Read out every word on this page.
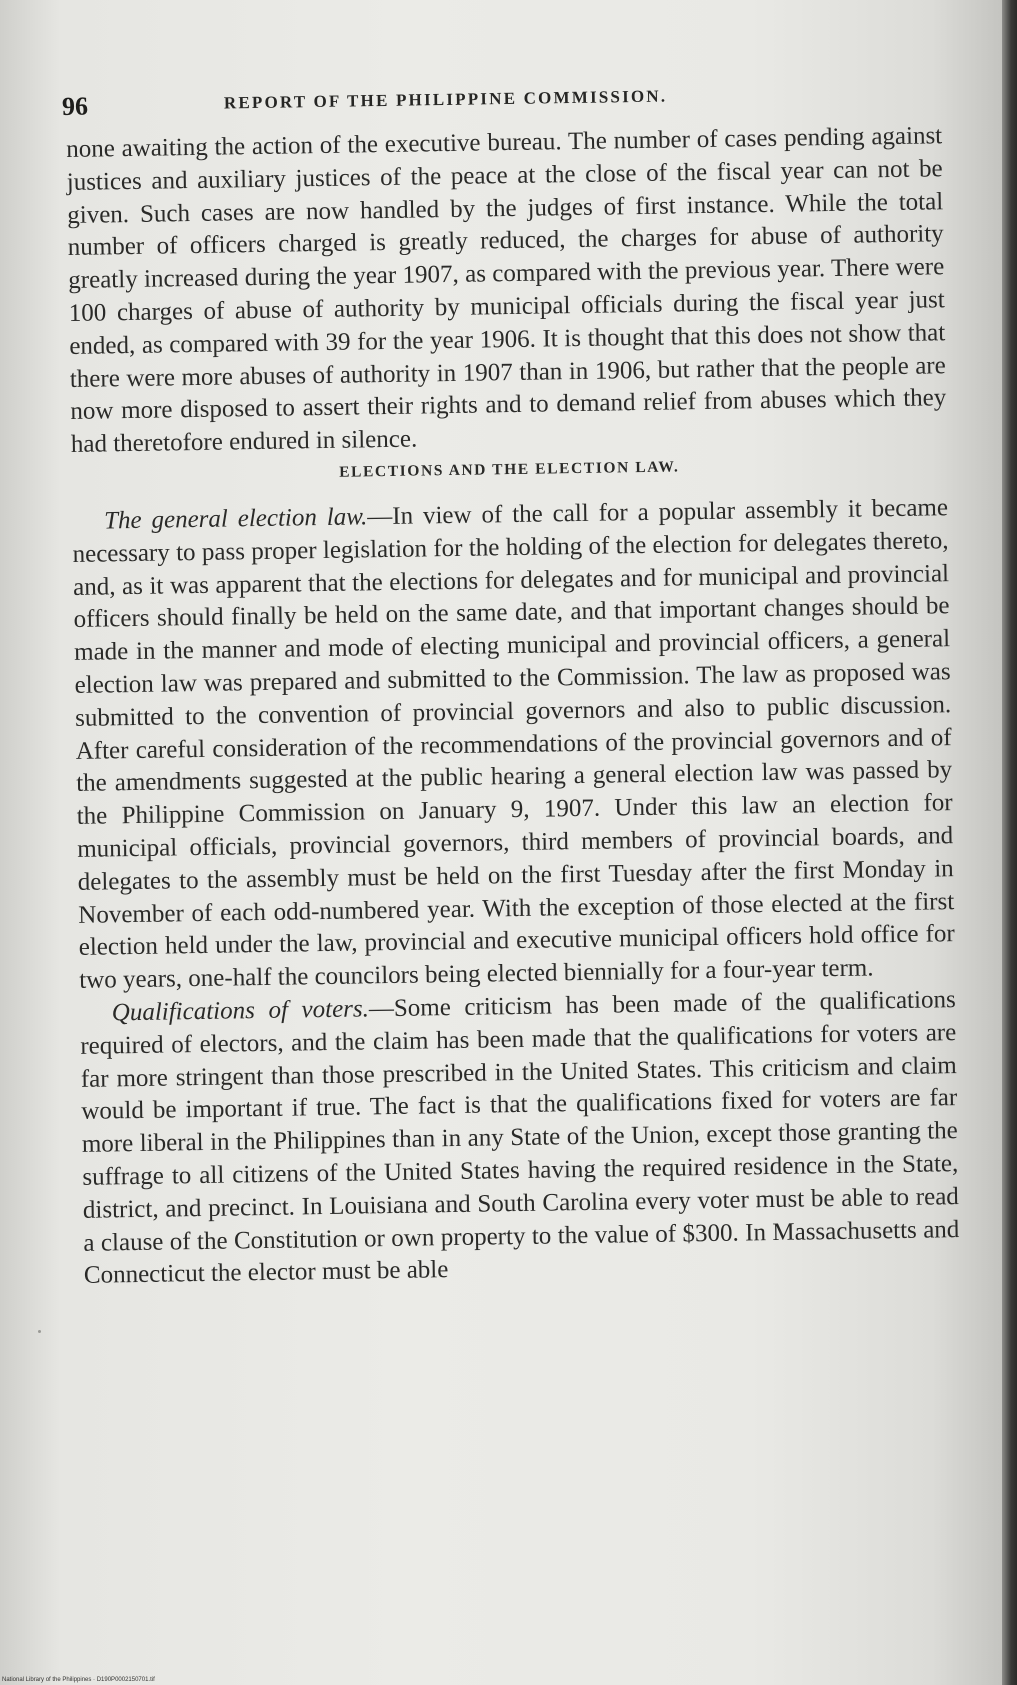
96	REPORT OF THE PHILIPPINE COMMISSION.

none awaiting the action of the executive bureau. The number of cases pending against justices and auxiliary justices of the peace at the close of the fiscal year can not be given. Such cases are now handled by the judges of first instance. While the total number of officers charged is greatly reduced, the charges for abuse of authority greatly increased during the year 1907, as compared with the previous year. There were 100 charges of abuse of authority by municipal officials during the fiscal year just ended, as compared with 39 for the year 1906. It is thought that this does not show that there were more abuses of authority in 1907 than in 1906, but rather that the people are now more disposed to assert their rights and to demand relief from abuses which they had theretofore endured in silence.

ELECTIONS AND THE ELECTION LAW.

The general election law.—In view of the call for a popular assembly it became necessary to pass proper legislation for the holding of the election for delegates thereto, and, as it was apparent that the elections for delegates and for municipal and provincial officers should finally be held on the same date, and that important changes should be made in the manner and mode of electing municipal and provincial officers, a general election law was prepared and submitted to the Commission. The law as proposed was submitted to the convention of provincial governors and also to public discussion. After careful consideration of the recommendations of the provincial governors and of the amendments suggested at the public hearing a general election law was passed by the Philippine Commission on January 9, 1907. Under this law an election for municipal officials, provincial governors, third members of provincial boards, and delegates to the assembly must be held on the first Tuesday after the first Monday in November of each odd-numbered year. With the exception of those elected at the first election held under the law, provincial and executive municipal officers hold office for two years, one-half the councilors being elected biennially for a four-year term.

Qualifications of voters.—Some criticism has been made of the qualifications required of electors, and the claim has been made that the qualifications for voters are far more stringent than those prescribed in the United States. This criticism and claim would be important if true. The fact is that the qualifications fixed for voters are far more liberal in the Philippines than in any State of the Union, except those granting the suffrage to all citizens of the United States having the required residence in the State, district, and precinct. In Louisiana and South Carolina every voter must be able to read a clause of the Constitution or own property to the value of $300. In Massachusetts and Connecticut the elector must be able

National Library of the Philippines · D190P0002150701.tif
